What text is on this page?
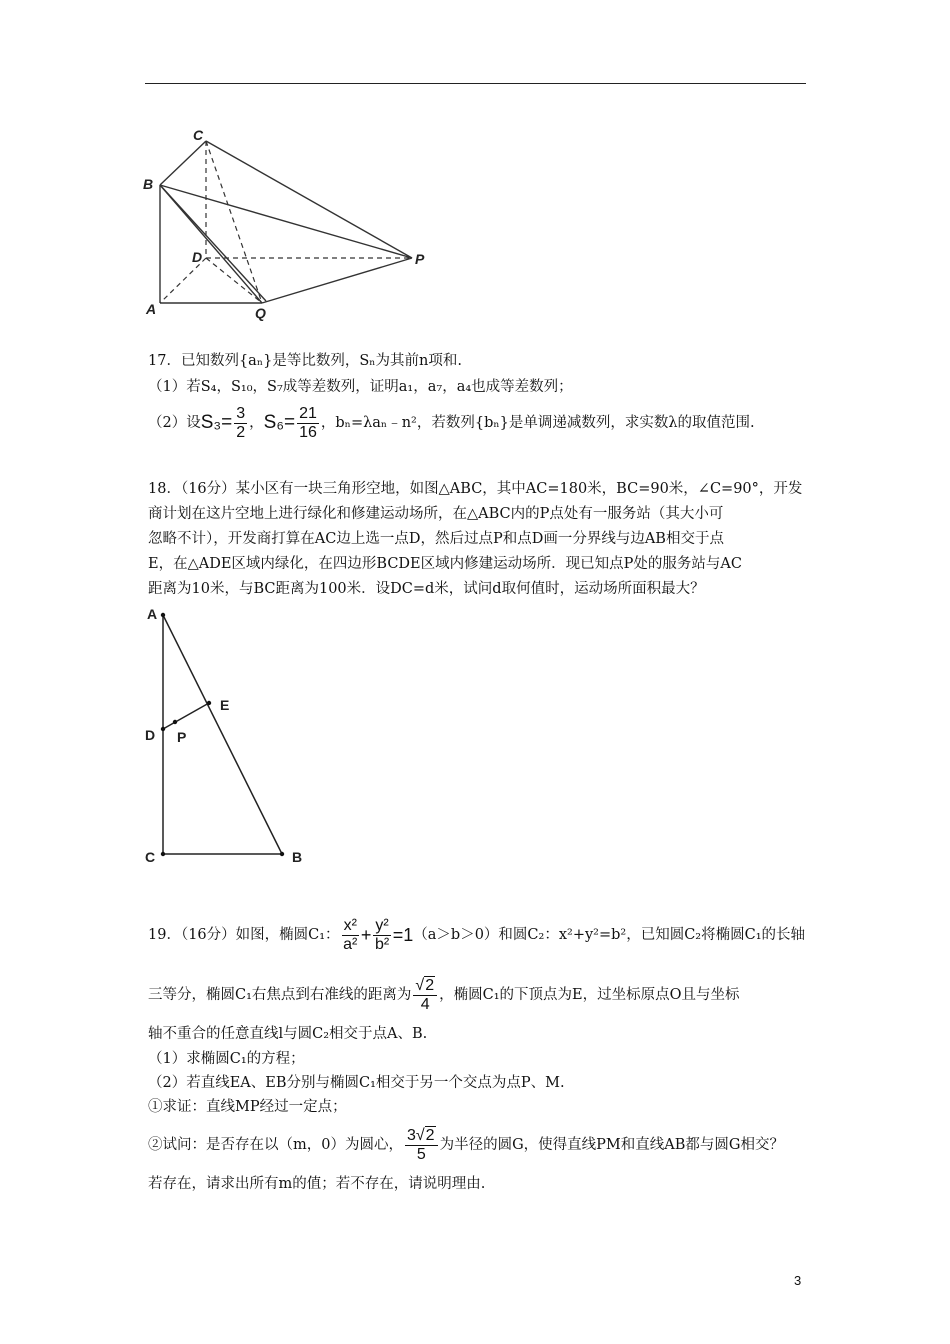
C
B
D	P
A	Q
17．已知数列{aₙ}是等比数列，Sₙ为其前n项和.
（1）若S₄，S₁₀，S₇成等差数列，证明a₁，a₇，a₄也成等差数列；
（2）设 $S_3= \frac{3}{2}$ ， $S_6= \frac{21}{16}$ ，bₙ=λaₙ﹣n²，若数列{bₙ}是单调递减数列，求实数λ的取值范围.
18．（16分）某小区有一块三角形空地，如图△ABC，其中AC=180米，BC=90米，∠C=90°，开发
商计划在这片空地上进行绿化和修建运动场所，在△ABC内的P点处有一服务站（其大小可
忽略不计），开发商打算在AC边上选一点D，然后过点P和点D画一分界线与边AB相交于点
E，在△ADE区域内绿化，在四边形BCDE区域内修建运动场所．现已知点P处的服务站与AC
距离为10米，与BC距离为100米．设DC=d米，试问d取何值时，运动场所面积最大？
A
E
D P
C	B
19．（16分）如图，椭圆C₁： $\frac{\text{x²}}{\text{a²}} + \frac{\text{y²}}{\text{b²}} =1$ （a＞b＞0）和圆C₂：x²+y²=b²，已知圆C₂将椭圆C₁的长轴
三等分，椭圆C₁右焦点到右准线的距离为 $\frac{√2}{4}$ ，椭圆C₁的下顶点为E，过坐标原点O且与坐标
轴不重合的任意直线l与圆C₂相交于点A、B.
（1）求椭圆C₁的方程；
（2）若直线EA、EB分别与椭圆C₁相交于另一个交点为点P、M.
①求证：直线MP经过一定点；
②试问：是否存在以（m，0）为圆心， $\frac{3√2}{5}$ 为半径的圆G，使得直线PM和直线AB都与圆G相交？
若存在，请求出所有m的值；若不存在，请说明理由.
3
